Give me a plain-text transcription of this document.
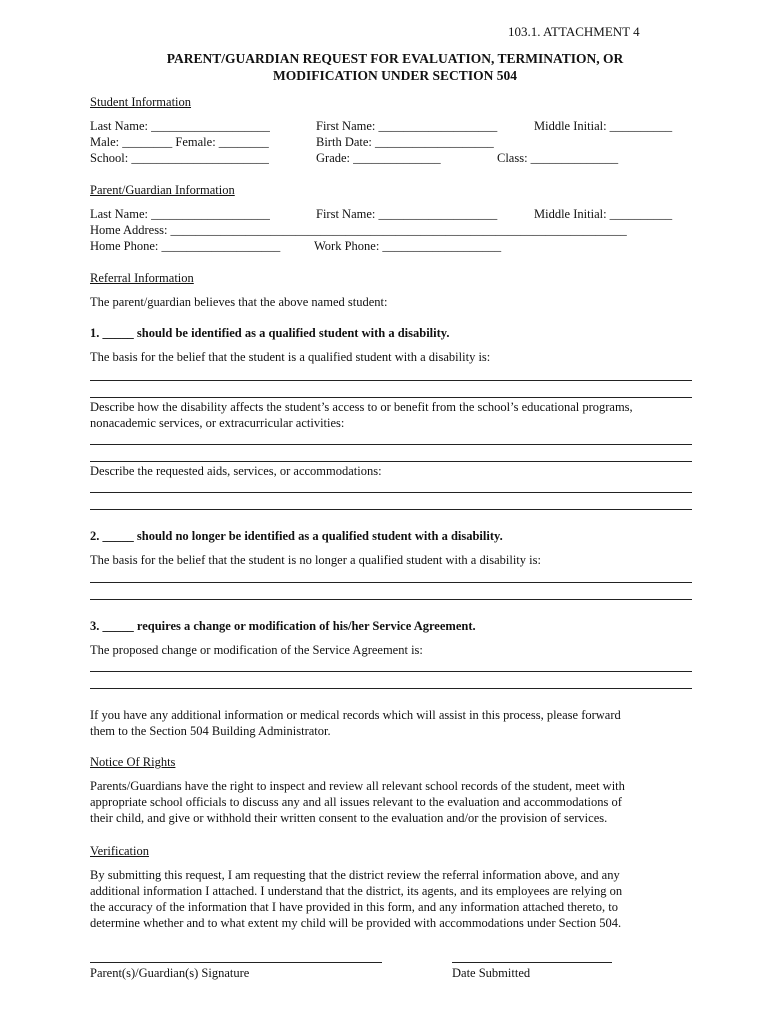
103.1. ATTACHMENT 4
PARENT/GUARDIAN REQUEST FOR EVALUATION, TERMINATION, OR
MODIFICATION UNDER SECTION 504
Student Information
Last Name: ___________________	First Name: ___________________	Middle Initial: __________
Male: ________ Female: ________	Birth Date: ___________________
School: ______________________	Grade: ______________	Class: ______________
Parent/Guardian Information
Last Name: ___________________	First Name: ___________________	Middle Initial: __________
Home Address: _________________________________________________________________________
Home Phone: ___________________	Work Phone: ___________________
Referral Information
The parent/guardian believes that the above named student:
1. _____ should be identified as a qualified student with a disability.
The basis for the belief that the student is a qualified student with a disability is:
Describe how the disability affects the student’s access to or benefit from the school’s educational programs,
nonacademic services, or extracurricular activities:
Describe the requested aids, services, or accommodations:
2. _____ should no longer be identified as a qualified student with a disability.
The basis for the belief that the student is no longer a qualified student with a disability is:
3. _____ requires a change or modification of his/her Service Agreement.
The proposed change or modification of the Service Agreement is:
If you have any additional information or medical records which will assist in this process, please forward
them to the Section 504 Building Administrator.
Notice Of Rights
Parents/Guardians have the right to inspect and review all relevant school records of the student, meet with
appropriate school officials to discuss any and all issues relevant to the evaluation and accommodations of
their child, and give or withhold their written consent to the evaluation and/or the provision of services.
Verification
By submitting this request, I am requesting that the district review the referral information above, and any
additional information I attached. I understand that the district, its agents, and its employees are relying on
the accuracy of the information that I have provided in this form, and any information attached thereto, to
determine whether and to what extent my child will be provided with accommodations under Section 504.
Parent(s)/Guardian(s) Signature	Date Submitted
